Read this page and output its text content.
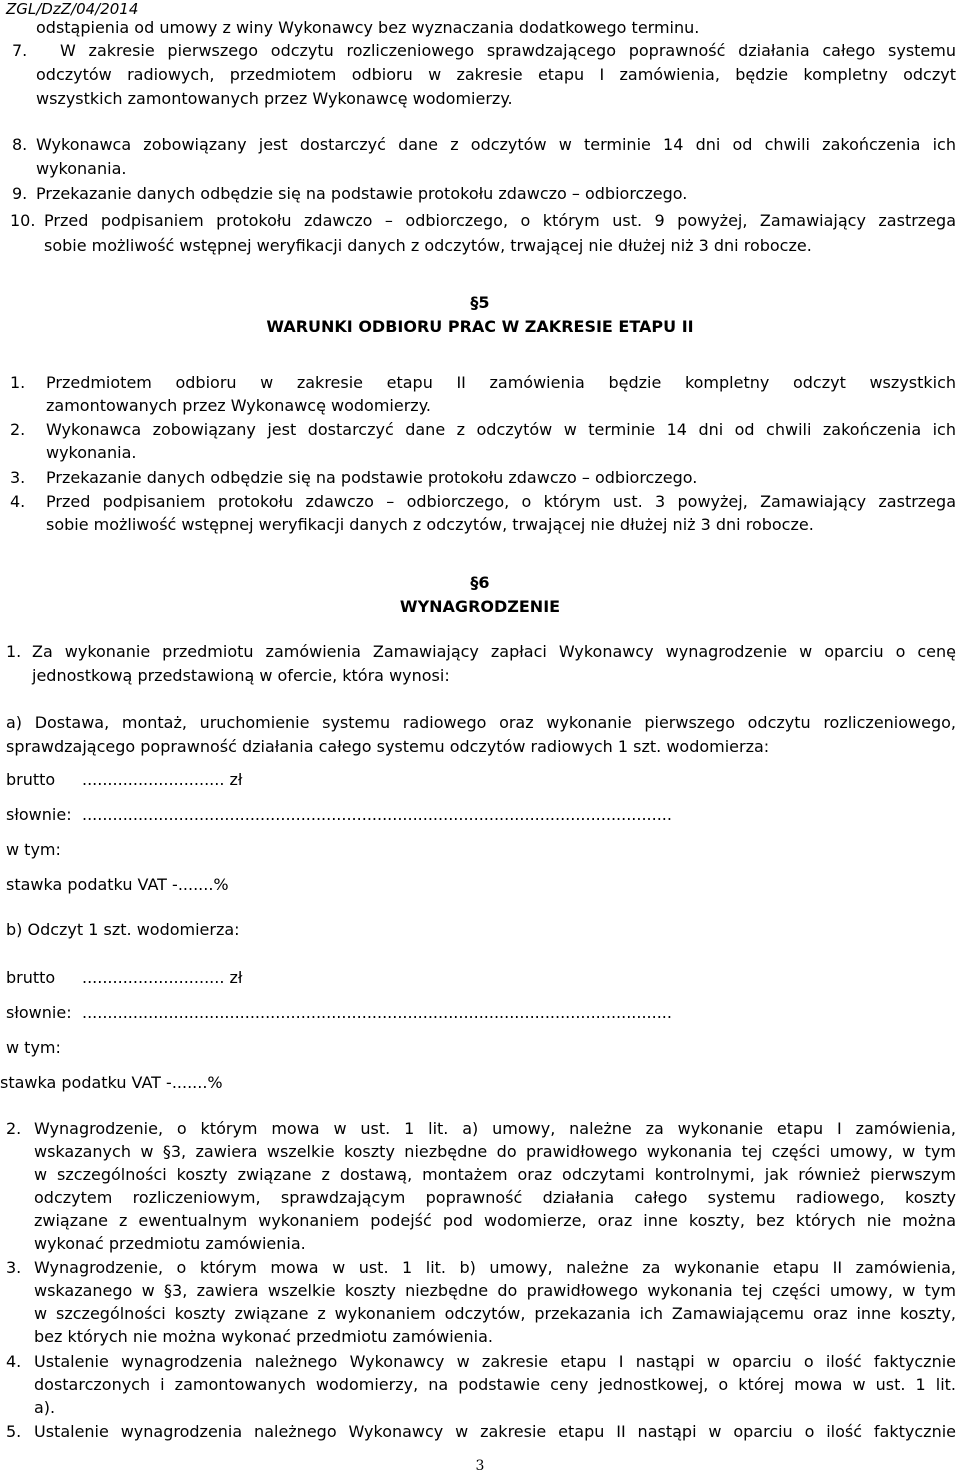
ZGL/DzZ/04/2014
odstąpienia od umowy z winy Wykonawcy bez wyznaczania dodatkowego terminu.
7. W zakresie pierwszego odczytu rozliczeniowego sprawdzającego poprawność działania całego systemu
odczytów radiowych, przedmiotem odbioru w zakresie etapu I zamówienia, będzie kompletny odczyt
wszystkich zamontowanych przez Wykonawcę wodomierzy.
8. Wykonawca zobowiązany jest dostarczyć dane z odczytów w terminie 14 dni od chwili zakończenia ich
wykonania.
9. Przekazanie danych odbędzie się na podstawie protokołu zdawczo – odbiorczego.
10. Przed podpisaniem protokołu zdawczo – odbiorczego, o którym ust. 9 powyżej, Zamawiający zastrzega
sobie możliwość wstępnej weryfikacji danych z odczytów, trwającej nie dłużej niż 3 dni robocze.
§5
WARUNKI ODBIORU PRAC W ZAKRESIE ETAPU II
1. Przedmiotem odbioru w zakresie etapu II zamówienia będzie kompletny odczyt wszystkich
zamontowanych przez Wykonawcę wodomierzy.
2. Wykonawca zobowiązany jest dostarczyć dane z odczytów w terminie 14 dni od chwili zakończenia ich
wykonania.
3. Przekazanie danych odbędzie się na podstawie protokołu zdawczo – odbiorczego.
4. Przed podpisaniem protokołu zdawczo – odbiorczego, o którym ust. 3 powyżej, Zamawiający zastrzega
sobie możliwość wstępnej weryfikacji danych z odczytów, trwającej nie dłużej niż 3 dni robocze.
§6
WYNAGRODZENIE
1. Za wykonanie przedmiotu zamówienia Zamawiający zapłaci Wykonawcy wynagrodzenie w oparciu o cenę
jednostkową przedstawioną w ofercie, która wynosi:
a) Dostawa, montaż, uruchomienie systemu radiowego oraz wykonanie pierwszego odczytu rozliczeniowego,
sprawdzającego poprawność działania całego systemu odczytów radiowych 1 szt. wodomierza:
brutto ............................ zł
słownie: ....................................................................................................................
w tym:
stawka podatku VAT -.......%
b) Odczyt 1 szt. wodomierza:
brutto ............................ zł
słownie: ....................................................................................................................
w tym:
stawka podatku VAT -.......%
2. Wynagrodzenie, o którym mowa w ust. 1 lit. a) umowy, należne za wykonanie etapu I zamówienia,
wskazanych w §3, zawiera wszelkie koszty niezbędne do prawidłowego wykonania tej części umowy, w tym
w szczególności koszty związane z dostawą, montażem oraz odczytami kontrolnymi, jak również pierwszym
odczytem rozliczeniowym, sprawdzającym poprawność działania całego systemu radiowego, koszty
związane z ewentualnym wykonaniem podejść pod wodomierze, oraz inne koszty, bez których nie można
wykonać przedmiotu zamówienia.
3. Wynagrodzenie, o którym mowa w ust. 1 lit. b) umowy, należne za wykonanie etapu II zamówienia,
wskazanego w §3, zawiera wszelkie koszty niezbędne do prawidłowego wykonania tej części umowy, w tym
w szczególności koszty związane z wykonaniem odczytów, przekazania ich Zamawiającemu oraz inne koszty,
bez których nie można wykonać przedmiotu zamówienia.
4. Ustalenie wynagrodzenia należnego Wykonawcy w zakresie etapu I nastąpi w oparciu o ilość faktycznie
dostarczonych i zamontowanych wodomierzy, na podstawie ceny jednostkowej, o której mowa w ust. 1 lit.
a).
5. Ustalenie wynagrodzenia należnego Wykonawcy w zakresie etapu II nastąpi w oparciu o ilość faktycznie
3
